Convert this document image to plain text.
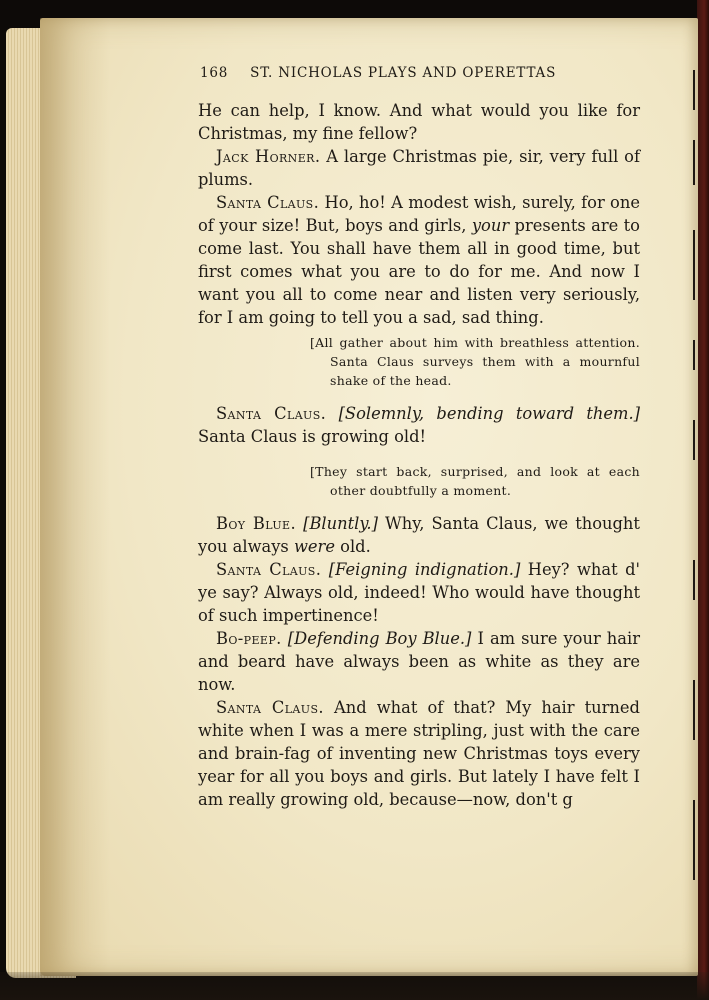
168 ST. NICHOLAS PLAYS AND OPERETTAS

He can help, I know. And what would you like for Christmas, my fine fellow?

Jack Horner. A large Christmas pie, sir, very full of plums.

Santa Claus. Ho, ho! A modest wish, surely, for one of your size! But, boys and girls, your presents are to come last. You shall have them all in good time, but first comes what you are to do for me. And now I want you all to come near and listen very seriously, for I am going to tell you a sad, sad thing.

[All gather about him with breathless attention. Santa Claus surveys them with a mournful shake of the head.

Santa Claus. [Solemnly, bending toward them.] Santa Claus is growing old!

[They start back, surprised, and look at each other doubtfully a moment.

Boy Blue. [Bluntly.] Why, Santa Claus, we thought you always were old.

Santa Claus. [Feigning indignation.] Hey? what d' ye say? Always old, indeed! Who would have thought of such impertinence!

Bo-peep. [Defending Boy Blue.] I am sure your hair and beard have always been as white as they are now.

Santa Claus. And what of that? My hair turned white when I was a mere stripling, just with the care and brain-fag of inventing new Christmas toys every year for all you boys and girls. But lately I have felt I am really growing old, because—now, don't g
